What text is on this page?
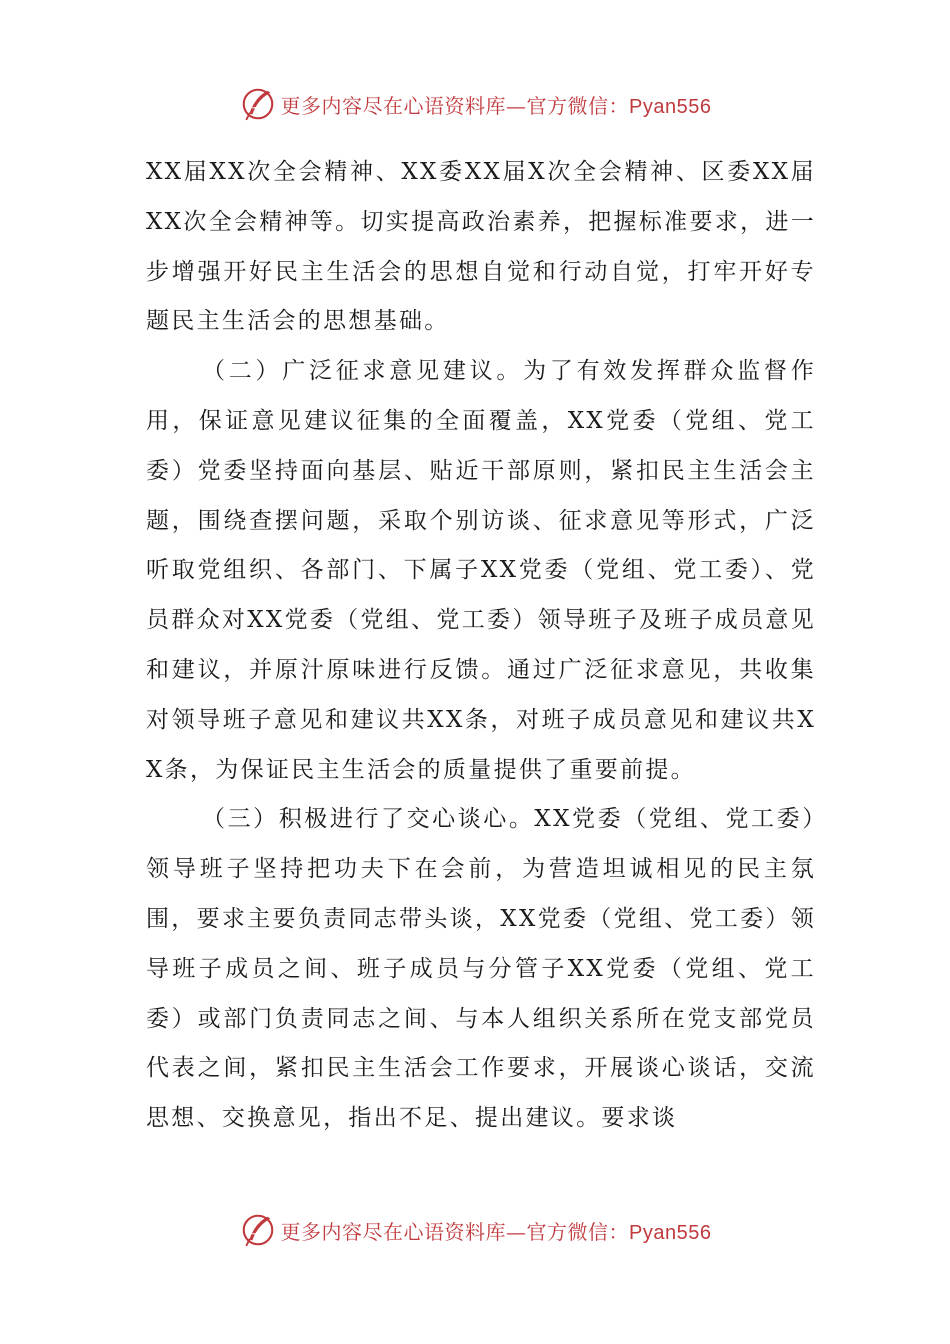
更多内容尽在心语资料库—官方微信：Pyan556

XX届XX次全会精神、XX委XX届X次全会精神、区委XX届XX次全会精神等。切实提高政治素养，把握标准要求，进一步增强开好民主生活会的思想自觉和行动自觉，打牢开好专题民主生活会的思想基础。

（二）广泛征求意见建议。为了有效发挥群众监督作用，保证意见建议征集的全面覆盖，XX党委（党组、党工委）党委坚持面向基层、贴近干部原则，紧扣民主生活会主题，围绕查摆问题，采取个别访谈、征求意见等形式，广泛听取党组织、各部门、下属子XX党委（党组、党工委）、党员群众对XX党委（党组、党工委）领导班子及班子成员意见和建议，并原汁原味进行反馈。通过广泛征求意见，共收集对领导班子意见和建议共XX条，对班子成员意见和建议共XX条，为保证民主生活会的质量提供了重要前提。

（三）积极进行了交心谈心。XX党委（党组、党工委）领导班子坚持把功夫下在会前，为营造坦诚相见的民主氛围，要求主要负责同志带头谈，XX党委（党组、党工委）领导班子成员之间、班子成员与分管子XX党委（党组、党工委）或部门负责同志之间、与本人组织关系所在党支部党员代表之间，紧扣民主生活会工作要求，开展谈心谈话，交流思想、交换意见，指出不足、提出建议。要求谈

更多内容尽在心语资料库—官方微信：Pyan556
